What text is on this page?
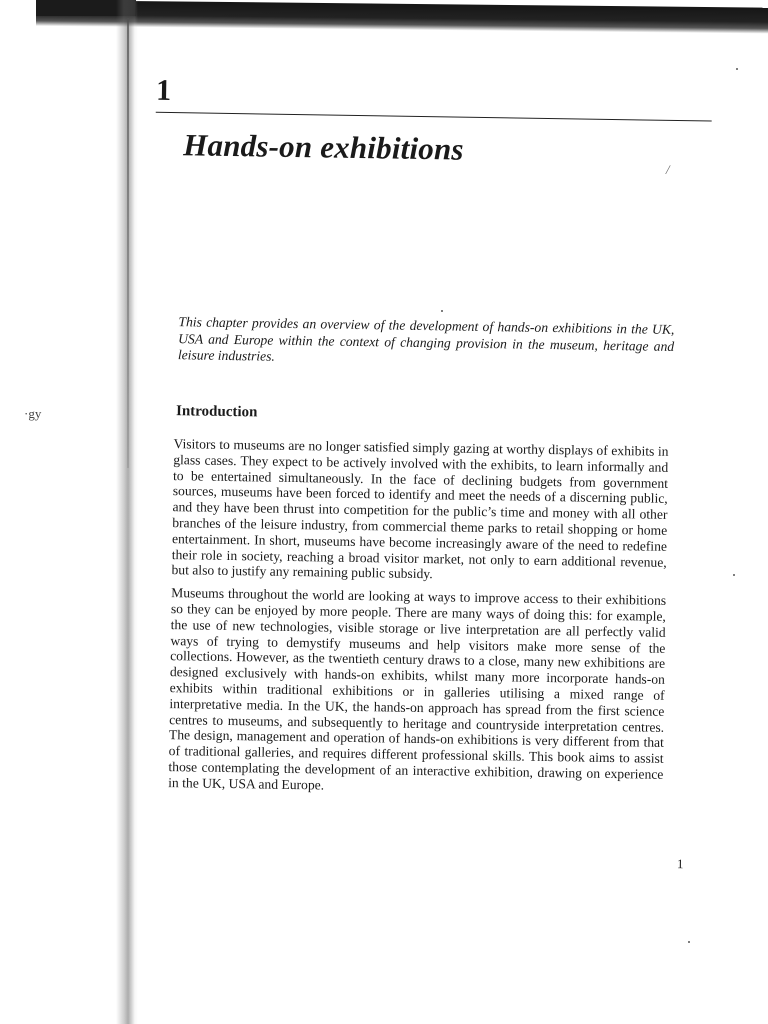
·gy
1
Hands-on exhibitions
/
This chapter provides an overview of the development of hands-on exhibitions in the UK, USA and Europe within the context of changing provision in the museum, heritage and leisure industries.
Introduction

Visitors to museums are no longer satisfied simply gazing at worthy displays of exhibits in glass cases. They expect to be actively involved with the exhibits, to learn informally and to be entertained simultaneously. In the face of declining budgets from government sources, museums have been forced to identify and meet the needs of a discerning public, and they have been thrust into competition for the public’s time and money with all other branches of the leisure industry, from commercial theme parks to retail shopping or home entertainment. In short, museums have become increasingly aware of the need to redefine their role in society, reaching a broad visitor market, not only to earn additional revenue, but also to justify any remaining public subsidy.

Museums throughout the world are looking at ways to improve access to their exhibitions so they can be enjoyed by more people. There are many ways of doing this: for example, the use of new technologies, visible storage or live interpretation are all perfectly valid ways of trying to demystify museums and help visitors make more sense of the collections. However, as the twentieth century draws to a close, many new exhibitions are designed exclusively with hands-on exhibits, whilst many more incorporate hands-on exhibits within traditional exhibitions or in galleries utilising a mixed range of interpretative media. In the UK, the hands-on approach has spread from the first science centres to museums, and subsequently to heritage and countryside interpretation centres. The design, management and operation of hands-on exhibitions is very different from that of traditional galleries, and requires different professional skills. This book aims to assist those contemplating the development of an interactive exhibition, drawing on experience in the UK, USA and Europe.

1
